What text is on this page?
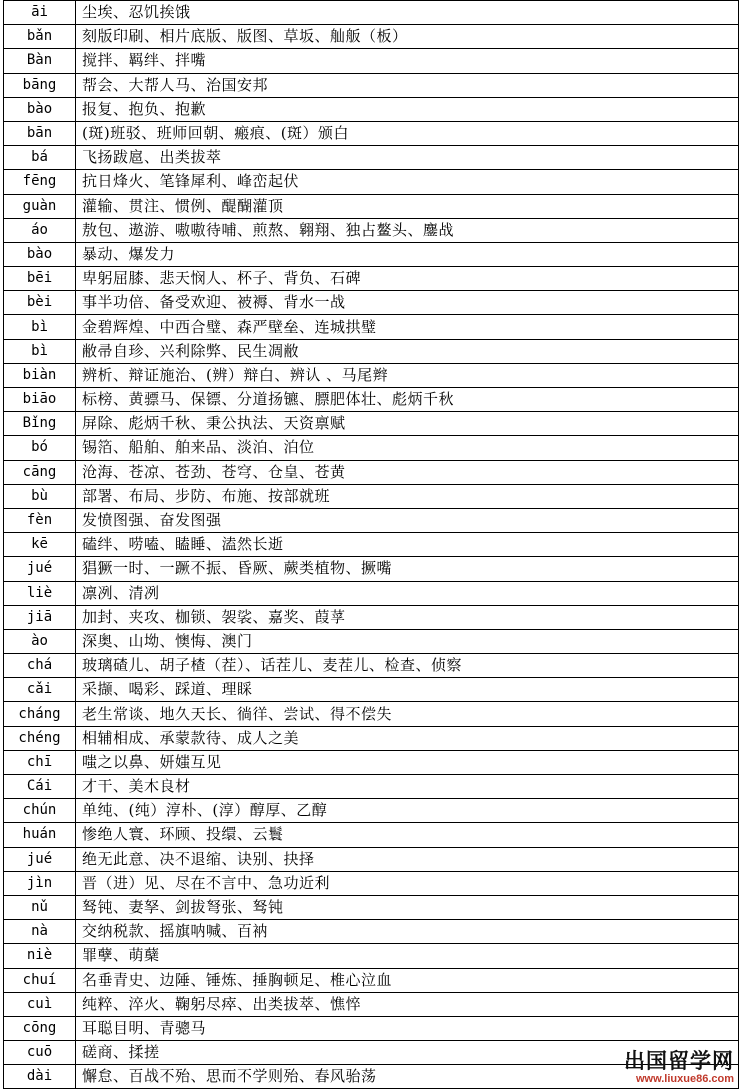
āi	尘埃、忍饥挨饿
bǎn	刻版印刷、相片底版、版图、草坂、舢舨（板）
Bàn	搅拌、羁绊、拌嘴
bāng	帮会、大帮人马、治国安邦
bào	报复、抱负、抱歉
bān	(斑)班驳、班师回朝、瘢痕、(斑）颁白
bá	飞扬跋扈、出类拔萃
fēng	抗日烽火、笔锋犀利、峰峦起伏
guàn	灌输、贯注、惯例、醍醐灌顶
áo	敖包、遨游、嗷嗷待哺、煎熬、翱翔、独占鳌头、鏖战
bào	暴动、爆发力
bēi	卑躬屈膝、悲天悯人、杯子、背负、石碑
bèi	事半功倍、备受欢迎、被褥、背水一战
bì	金碧辉煌、中西合璧、森严壁垒、连城拱璧
bì	敝帚自珍、兴利除弊、民生凋敝
biàn	辨析、辩证施治、(辨）辩白、辨认 、马尾辫
biāo	标榜、黄骠马、保镖、分道扬镳、膘肥体壮、彪炳千秋
Bǐng	屏除、彪炳千秋、秉公执法、天资禀赋
bó	锡箔、船舶、舶来品、淡泊、泊位
cāng	沧海、苍凉、苍劲、苍穹、仓皇、苍黄
bù	部署、布局、步防、布施、按部就班
fèn	发愤图强、奋发图强
kē	磕绊、唠嗑、瞌睡、溘然长逝
jué	猖獗一时、一蹶不振、昏厥、蕨类植物、撅嘴
liè	凛冽、清冽
jiā	加封、夹攻、枷锁、袈裟、嘉奖、葭莩
ào	深奥、山坳、懊悔、澳门
chá	玻璃碴儿、胡子楂（茬）、话茬儿、麦茬儿、检查、侦察
cǎi	采撷、喝彩、踩道、理睬
cháng	老生常谈、地久天长、徜徉、尝试、得不偿失
chéng	相辅相成、承蒙款待、成人之美
chī	嗤之以鼻、妍媸互见
Cái	才干、美木良材
chún	单纯、(纯）淳朴、(淳）醇厚、乙醇
huán	惨绝人寰、环顾、投缳、云鬟
jué	绝无此意、决不退缩、诀别、抉择
jìn	晋（进）见、尽在不言中、急功近利
nǔ	驽钝、妻孥、剑拔弩张、驽钝
nà	交纳税款、摇旗呐喊、百衲
niè	罪孽、萌蘖
chuí	名垂青史、边陲、锤炼、捶胸顿足、椎心泣血
cuì	纯粹、淬火、鞠躬尽瘁、出类拔萃、憔悴
cōng	耳聪目明、青骢马
cuō	磋商、揉搓
dài	懈怠、百战不殆、思而不学则殆、春风骀荡
出国留学网
www.liuxue86.com
